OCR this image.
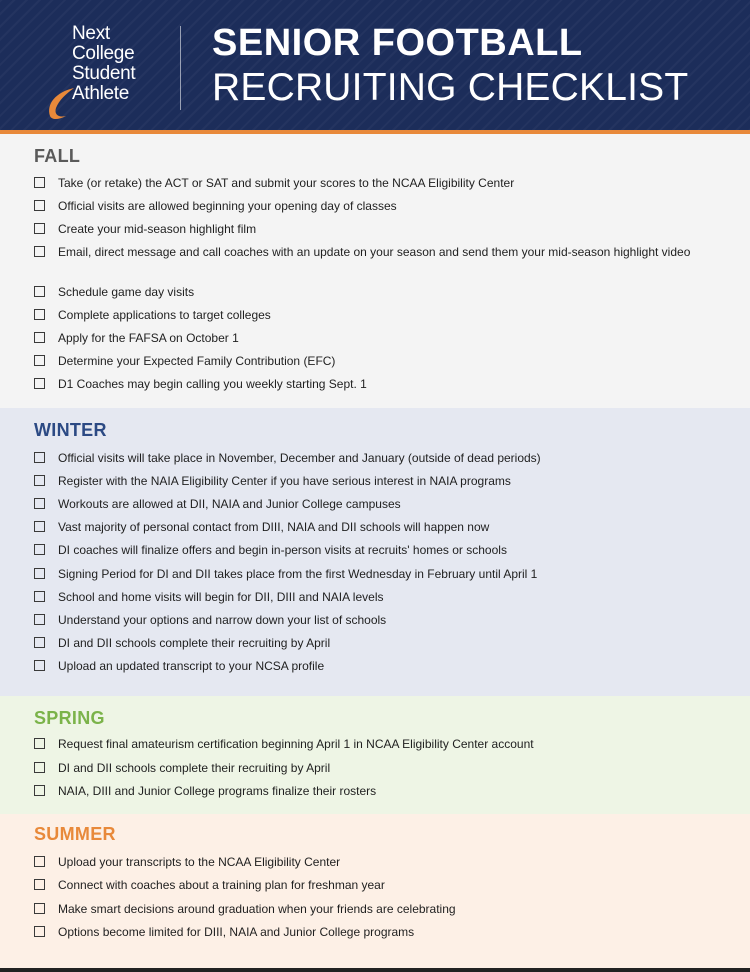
Next
College
Student
Athlete
SENIOR FOOTBALL
RECRUITING CHECKLIST
FALL
Take (or retake) the ACT or SAT and submit your scores to the NCAA Eligibility Center
Official visits are allowed beginning your opening day of classes
Create your mid-season highlight film
Email, direct message and call coaches with an update on your season and send them your mid-season highlight video
Schedule game day visits
Complete applications to target colleges
Apply for the FAFSA on October 1
Determine your Expected Family Contribution (EFC)
D1 Coaches may begin calling you weekly starting Sept. 1
WINTER
Official visits will take place in November, December and January (outside of dead periods)
Register with the NAIA Eligibility Center if you have serious interest in NAIA programs
Workouts are allowed at DII, NAIA and Junior College campuses
Vast majority of personal contact from DIII, NAIA and DII schools will happen now
DI coaches will finalize offers and begin in-person visits at recruits' homes or schools
Signing Period for DI and DII takes place from the first Wednesday in February until April 1
School and home visits will begin for DII, DIII and NAIA levels
Understand your options and narrow down your list of schools
DI and DII schools complete their recruiting by April
Upload an updated transcript to your NCSA profile
SPRING
Request final amateurism certification beginning April 1 in NCAA Eligibility Center account
DI and DII schools complete their recruiting by April
NAIA, DIII and Junior College programs finalize their rosters
SUMMER
Upload your transcripts to the NCAA Eligibility Center
Connect with coaches about a training plan for freshman year
Make smart decisions around graduation when your friends are celebrating
Options become limited for DIII, NAIA and Junior College programs
